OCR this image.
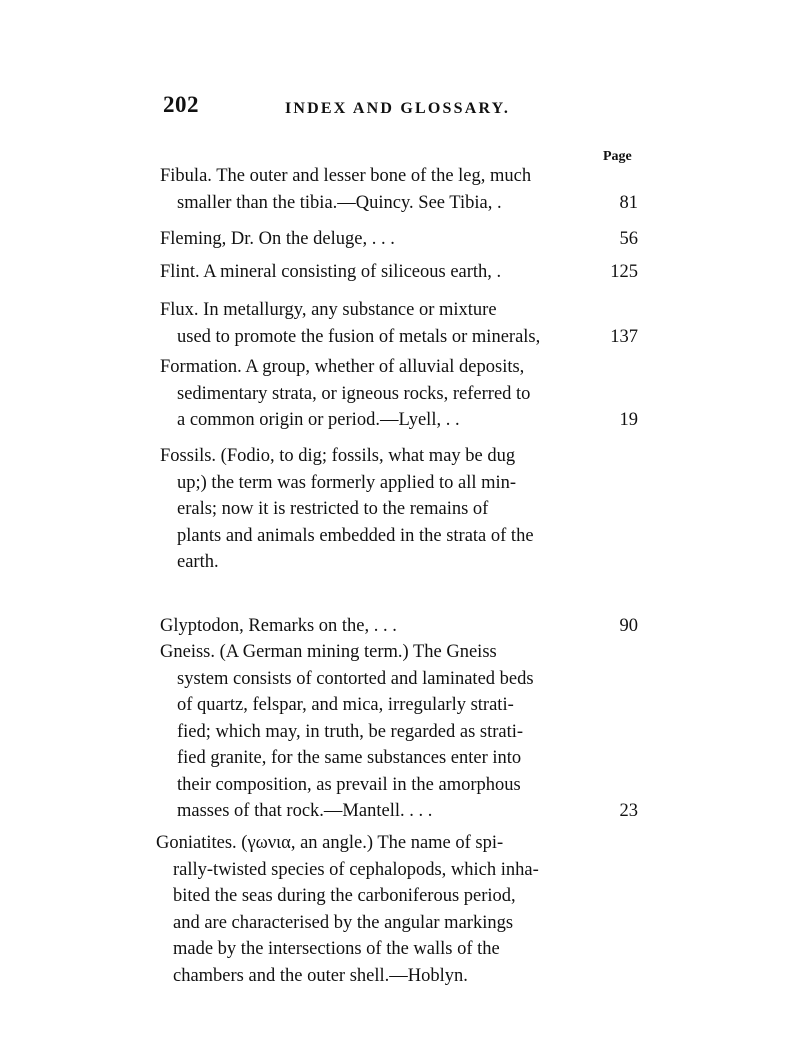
202	INDEX AND GLOSSARY.
Page
Fibula. The outer and lesser bone of the leg, much
smaller than the tibia.—Quincy. See Tibia, .	81
Fleming, Dr. On the deluge, . . .	56
Flint. A mineral consisting of siliceous earth, .	125
Flux. In metallurgy, any substance or mixture
used to promote the fusion of metals or minerals,	137
Formation. A group, whether of alluvial deposits,
sedimentary strata, or igneous rocks, referred to
a common origin or period.—Lyell, . .	19
Fossils. (Fodio, to dig; fossils, what may be dug
up;) the term was formerly applied to all min-
erals; now it is restricted to the remains of
plants and animals embedded in the strata of the
earth.
Glyptodon, Remarks on the, . . .	90
Gneiss. (A German mining term.) The Gneiss
system consists of contorted and laminated beds
of quartz, felspar, and mica, irregularly strati-
fied; which may, in truth, be regarded as strati-
fied granite, for the same substances enter into
their composition, as prevail in the amorphous
masses of that rock.—Mantell. . . .	23
Goniatites. (γωνια, an angle.) The name of spi-
rally-twisted species of cephalopods, which inha-
bited the seas during the carboniferous period,
and are characterised by the angular markings
made by the intersections of the walls of the
chambers and the outer shell.—Hoblyn.
